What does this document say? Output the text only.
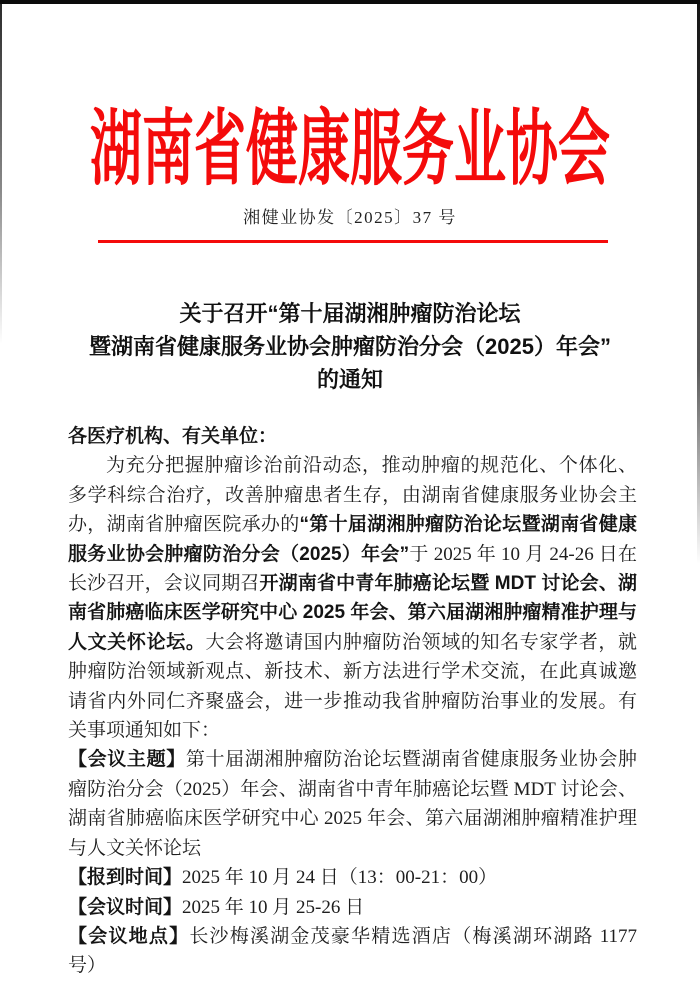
湖南省健康服务业协会
湘健业协发〔2025〕37 号
关于召开“第十届湖湘肿瘤防治论坛
暨湖南省健康服务业协会肿瘤防治分会（2025）年会”
的通知

各医疗机构、有关单位：

为充分把握肿瘤诊治前沿动态，推动肿瘤的规范化、个体化、多学科综合治疗，改善肿瘤患者生存，由湖南省健康服务业协会主办，湖南省肿瘤医院承办的“第十届湖湘肿瘤防治论坛暨湖南省健康服务业协会肿瘤防治分会（2025）年会”于 2025 年 10 月 24-26 日在长沙召开，会议同期召开湖南省中青年肺癌论坛暨 MDT 讨论会、湖南省肺癌临床医学研究中心 2025 年会、第六届湖湘肿瘤精准护理与人文关怀论坛。大会将邀请国内肿瘤防治领域的知名专家学者，就肿瘤防治领域新观点、新技术、新方法进行学术交流，在此真诚邀请省内外同仁齐聚盛会，进一步推动我省肿瘤防治事业的发展。有关事项通知如下：

【会议主题】第十届湖湘肿瘤防治论坛暨湖南省健康服务业协会肿瘤防治分会（2025）年会、湖南省中青年肺癌论坛暨 MDT 讨论会、湖南省肺癌临床医学研究中心 2025 年会、第六届湖湘肿瘤精准护理与人文关怀论坛

【报到时间】2025 年 10 月 24 日（13：00-21：00）

【会议时间】2025 年 10 月 25-26 日

【会议地点】长沙梅溪湖金茂豪华精选酒店（梅溪湖环湖路 1177 号）
